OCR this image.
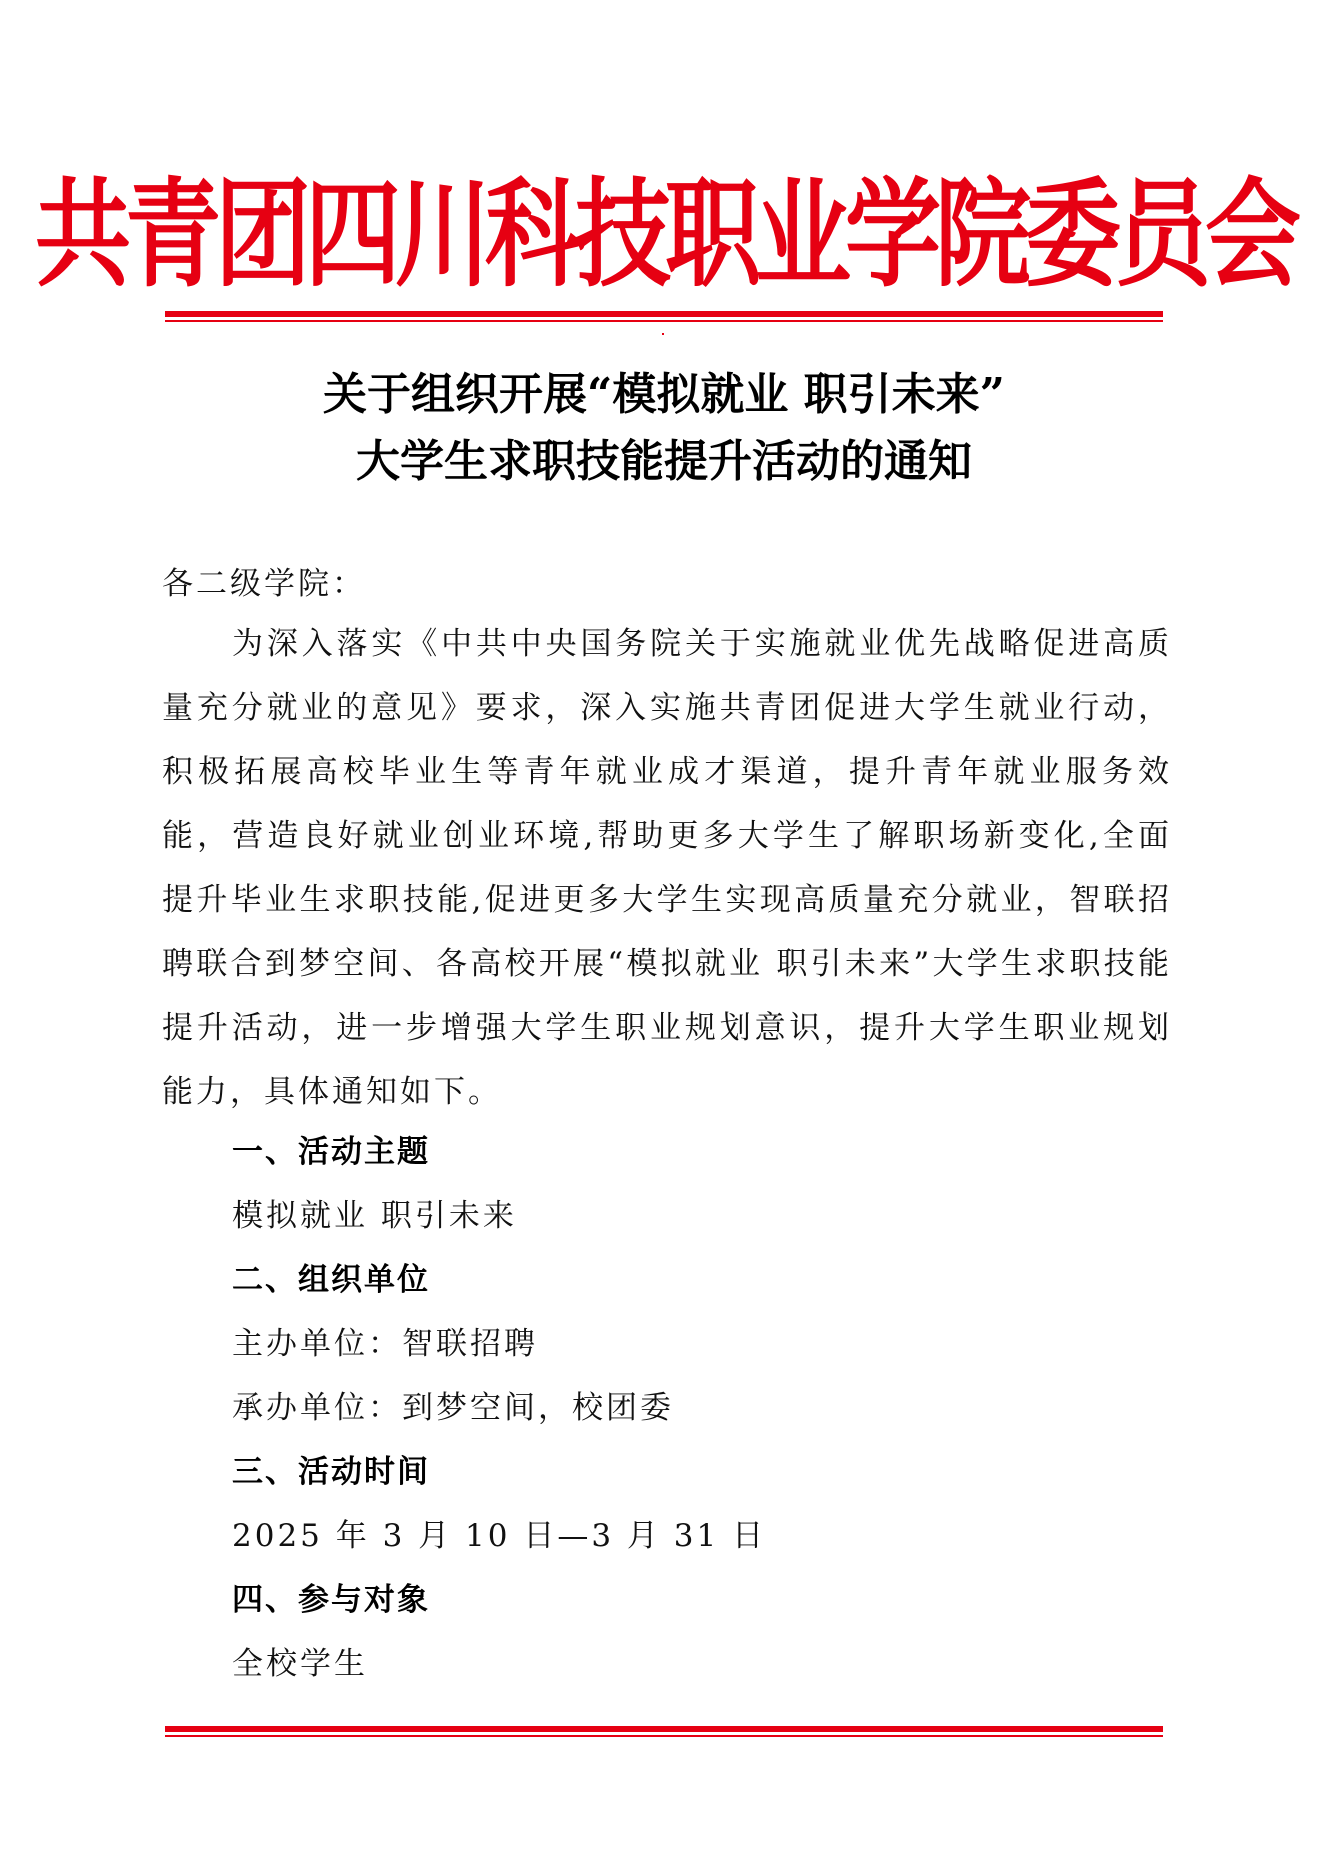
共青团四川科技职业学院委员会
关于组织开展“模拟就业 职引未来”
大学生求职技能提升活动的通知
各二级学院：
为深入落实《中共中央国务院关于实施就业优先战略促进高质量充分就业的意见》要求，深入实施共青团促进大学生就业行动，积极拓展高校毕业生等青年就业成才渠道，提升青年就业服务效能，营造良好就业创业环境,帮助更多大学生了解职场新变化,全面提升毕业生求职技能,促进更多大学生实现高质量充分就业，智联招聘联合到梦空间、各高校开展“模拟就业 职引未来”大学生求职技能提升活动，进一步增强大学生职业规划意识，提升大学生职业规划能力，具体通知如下。
一、活动主题
模拟就业 职引未来
二、组织单位
主办单位：智联招聘
承办单位：到梦空间，校团委
三、活动时间
2025 年 3 月 10 日—3 月 31 日
四、参与对象
全校学生
